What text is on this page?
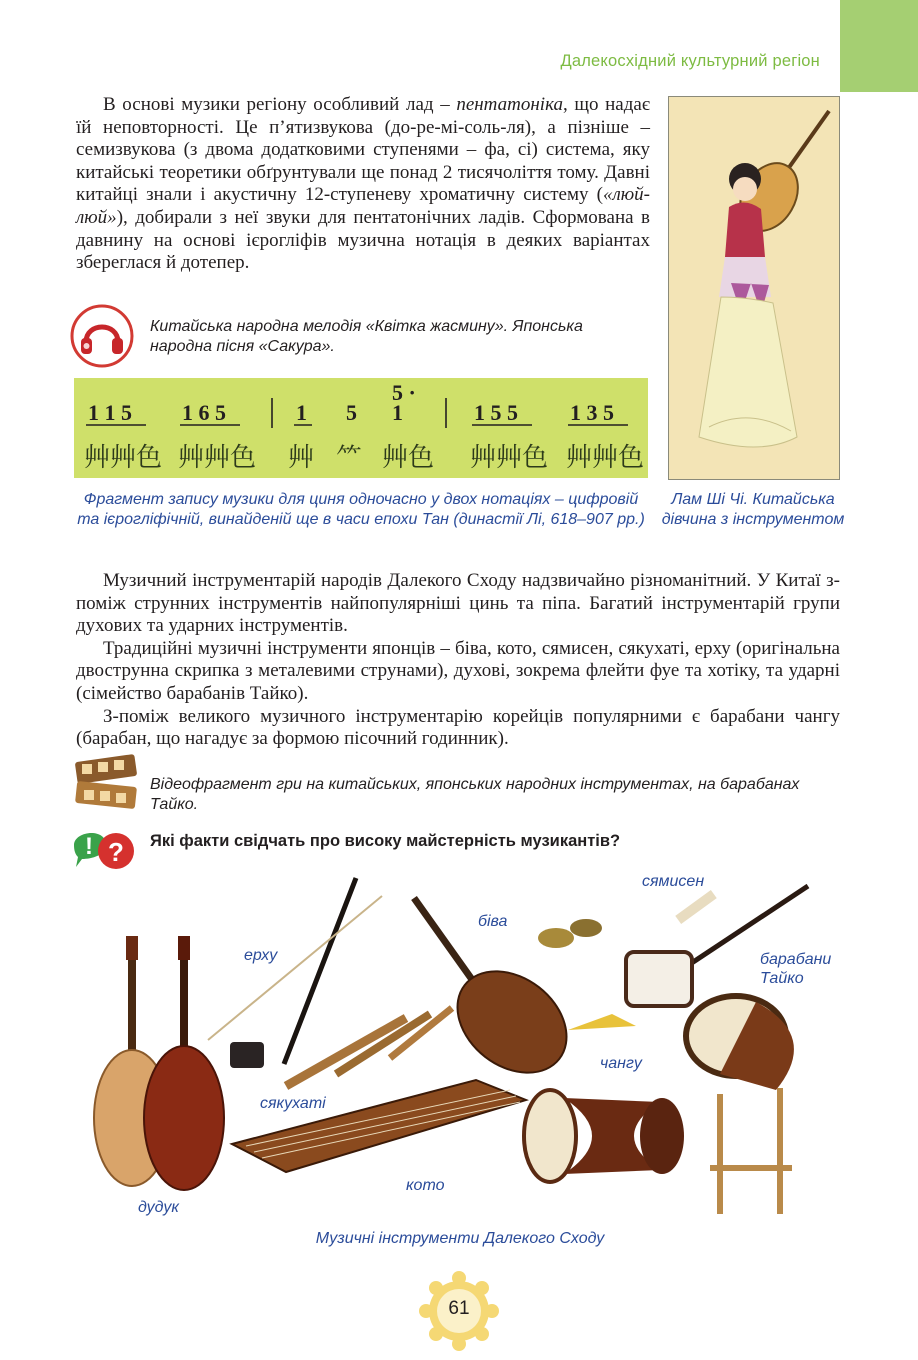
Далекосхідний культурний регіон
В основі музики регіону особливий лад – пентатоніка, що надає їй неповторності. Це п’ятизвукова (до-ре-мі-соль-ля), а пізніше – семизвукова (з двома додатковими ступенями – фа, сі) система, яку китайські теоретики обґрунтували ще понад 2 тисячоліття тому. Давні китайці знали і акустичну 12-ступеневу хроматичну систему («люй-люй»), добирали з неї звуки для пентатонічних ладів. Сформована в давнину на основі ієрогліфів музична нотація в деяких варіантах збереглася й дотепер.
Китайська народна мелодія «Квітка жасмину». Японська народна пісня «Сакура».
5 ·
1 1 5 1 6 5	1 5 1	1 5 5 1 3 5
⾋⾋⾊ ⾋⾋⾊ ⾋ ⺮ ⾋⾊ ⾋⾋⾊ ⾋⾋⾊
Фрагмент запису музики для циня одночасно у двох нотаціях – цифровій та ієрогліфічній, винайденій ще в часи епохи Тан (династії Лі, 618–907 рр.)
Лам Ші Чі. Китайська дівчина з інструментом
Музичний інструментарій народів Далекого Сходу надзвичайно різноманітний. У Китаї з-поміж струнних інструментів найпопулярніші цинь та піпа. Багатий інструментарій групи духових та ударних інструментів.
Традиційні музичні інструменти японців – біва, кото, сямисен, сякухаті, ерху (оригінальна двострунна скрипка з металевими струнами), духові, зокрема флейти фуе та хотіку, та ударні (сімейство барабанів Тайко).
З-поміж великого музичного інструментарію корейців популярними є барабани чангу (барабан, що нагадує за формою пісочний годинник).
Відеофрагмент гри на китайських, японських народних інструментах, на барабанах Тайко.
! ? Які факти свідчать про високу майстерність музикантів?
ерху
біва
сямисен
барабани Тайко
чангу
сякухаті
кото
дудук
Музичні інструменти Далекого Сходу
61
